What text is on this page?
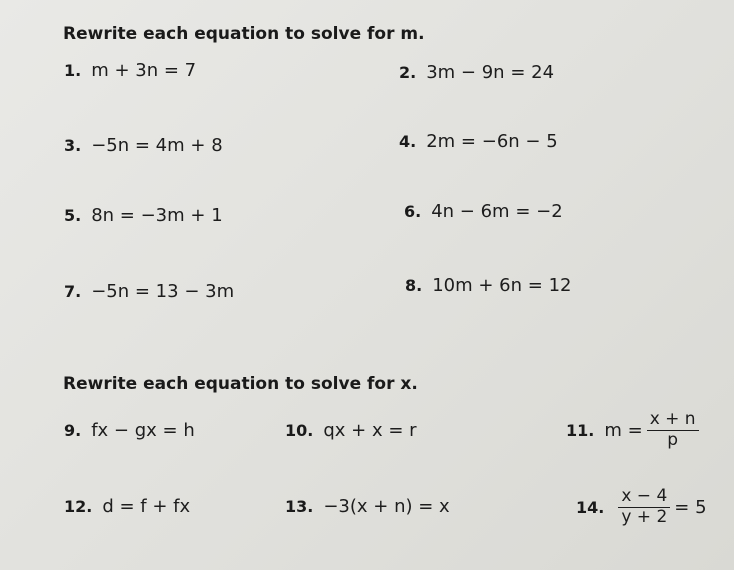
Rewrite each equation to solve for m.
1. m + 3n = 7	2. 3m − 9n = 24
3. −5n = 4m + 8	4. 2m = −6n − 5
5. 8n = −3m + 1	6. 4n − 6m = −2
7. −5n = 13 − 3m	8. 10m + 6n = 12
Rewrite each equation to solve for x.
9. fx − gx = h	10. qx + x = r	11. $m = \frac{x + n}{p}$
12. d = f + fx	13. −3(x + n) = x	14. $\frac{x - 4}{y + 2} = 5$
